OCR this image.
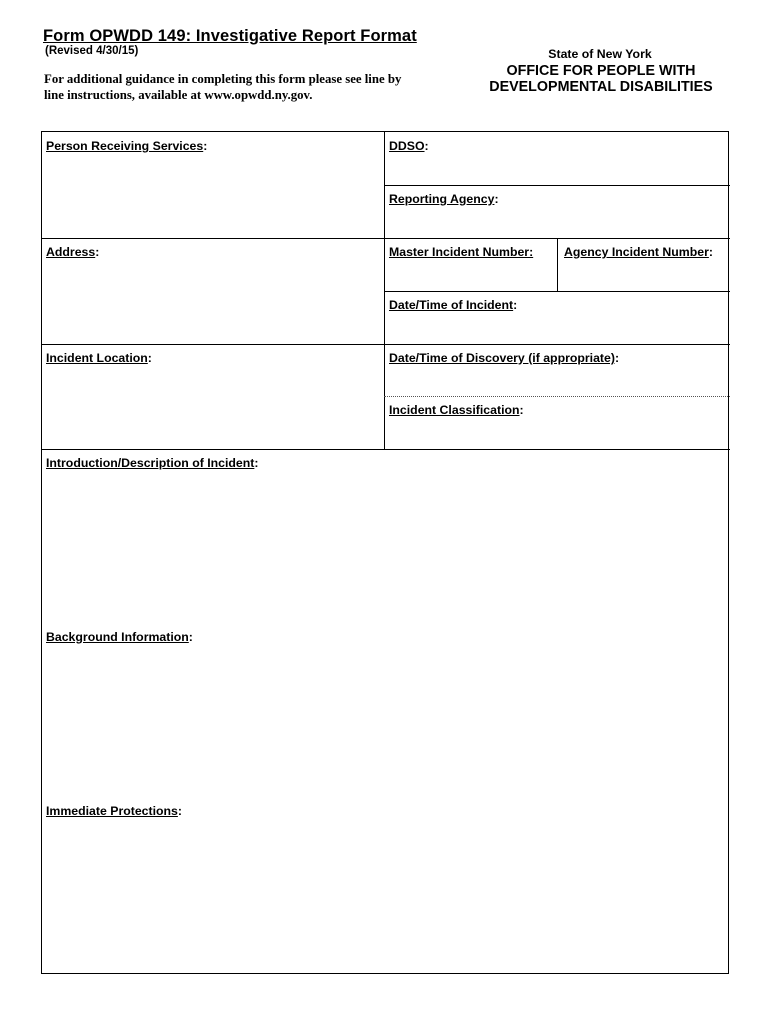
Form OPWDD 149: Investigative Report Format
(Revised 4/30/15)
For additional guidance in completing this form please see line by line instructions, available at www.opwdd.ny.gov.
State of New York
OFFICE FOR PEOPLE WITH
DEVELOPMENTAL DISABILITIES
Person Receiving Services:	DDSO:
Reporting Agency:
Address:	Master Incident Number:	Agency Incident Number:
Date/Time of Incident:
Incident Location:	Date/Time of Discovery (if appropriate):
Incident Classification:
Introduction/Description of Incident:
Background Information:
Immediate Protections:
